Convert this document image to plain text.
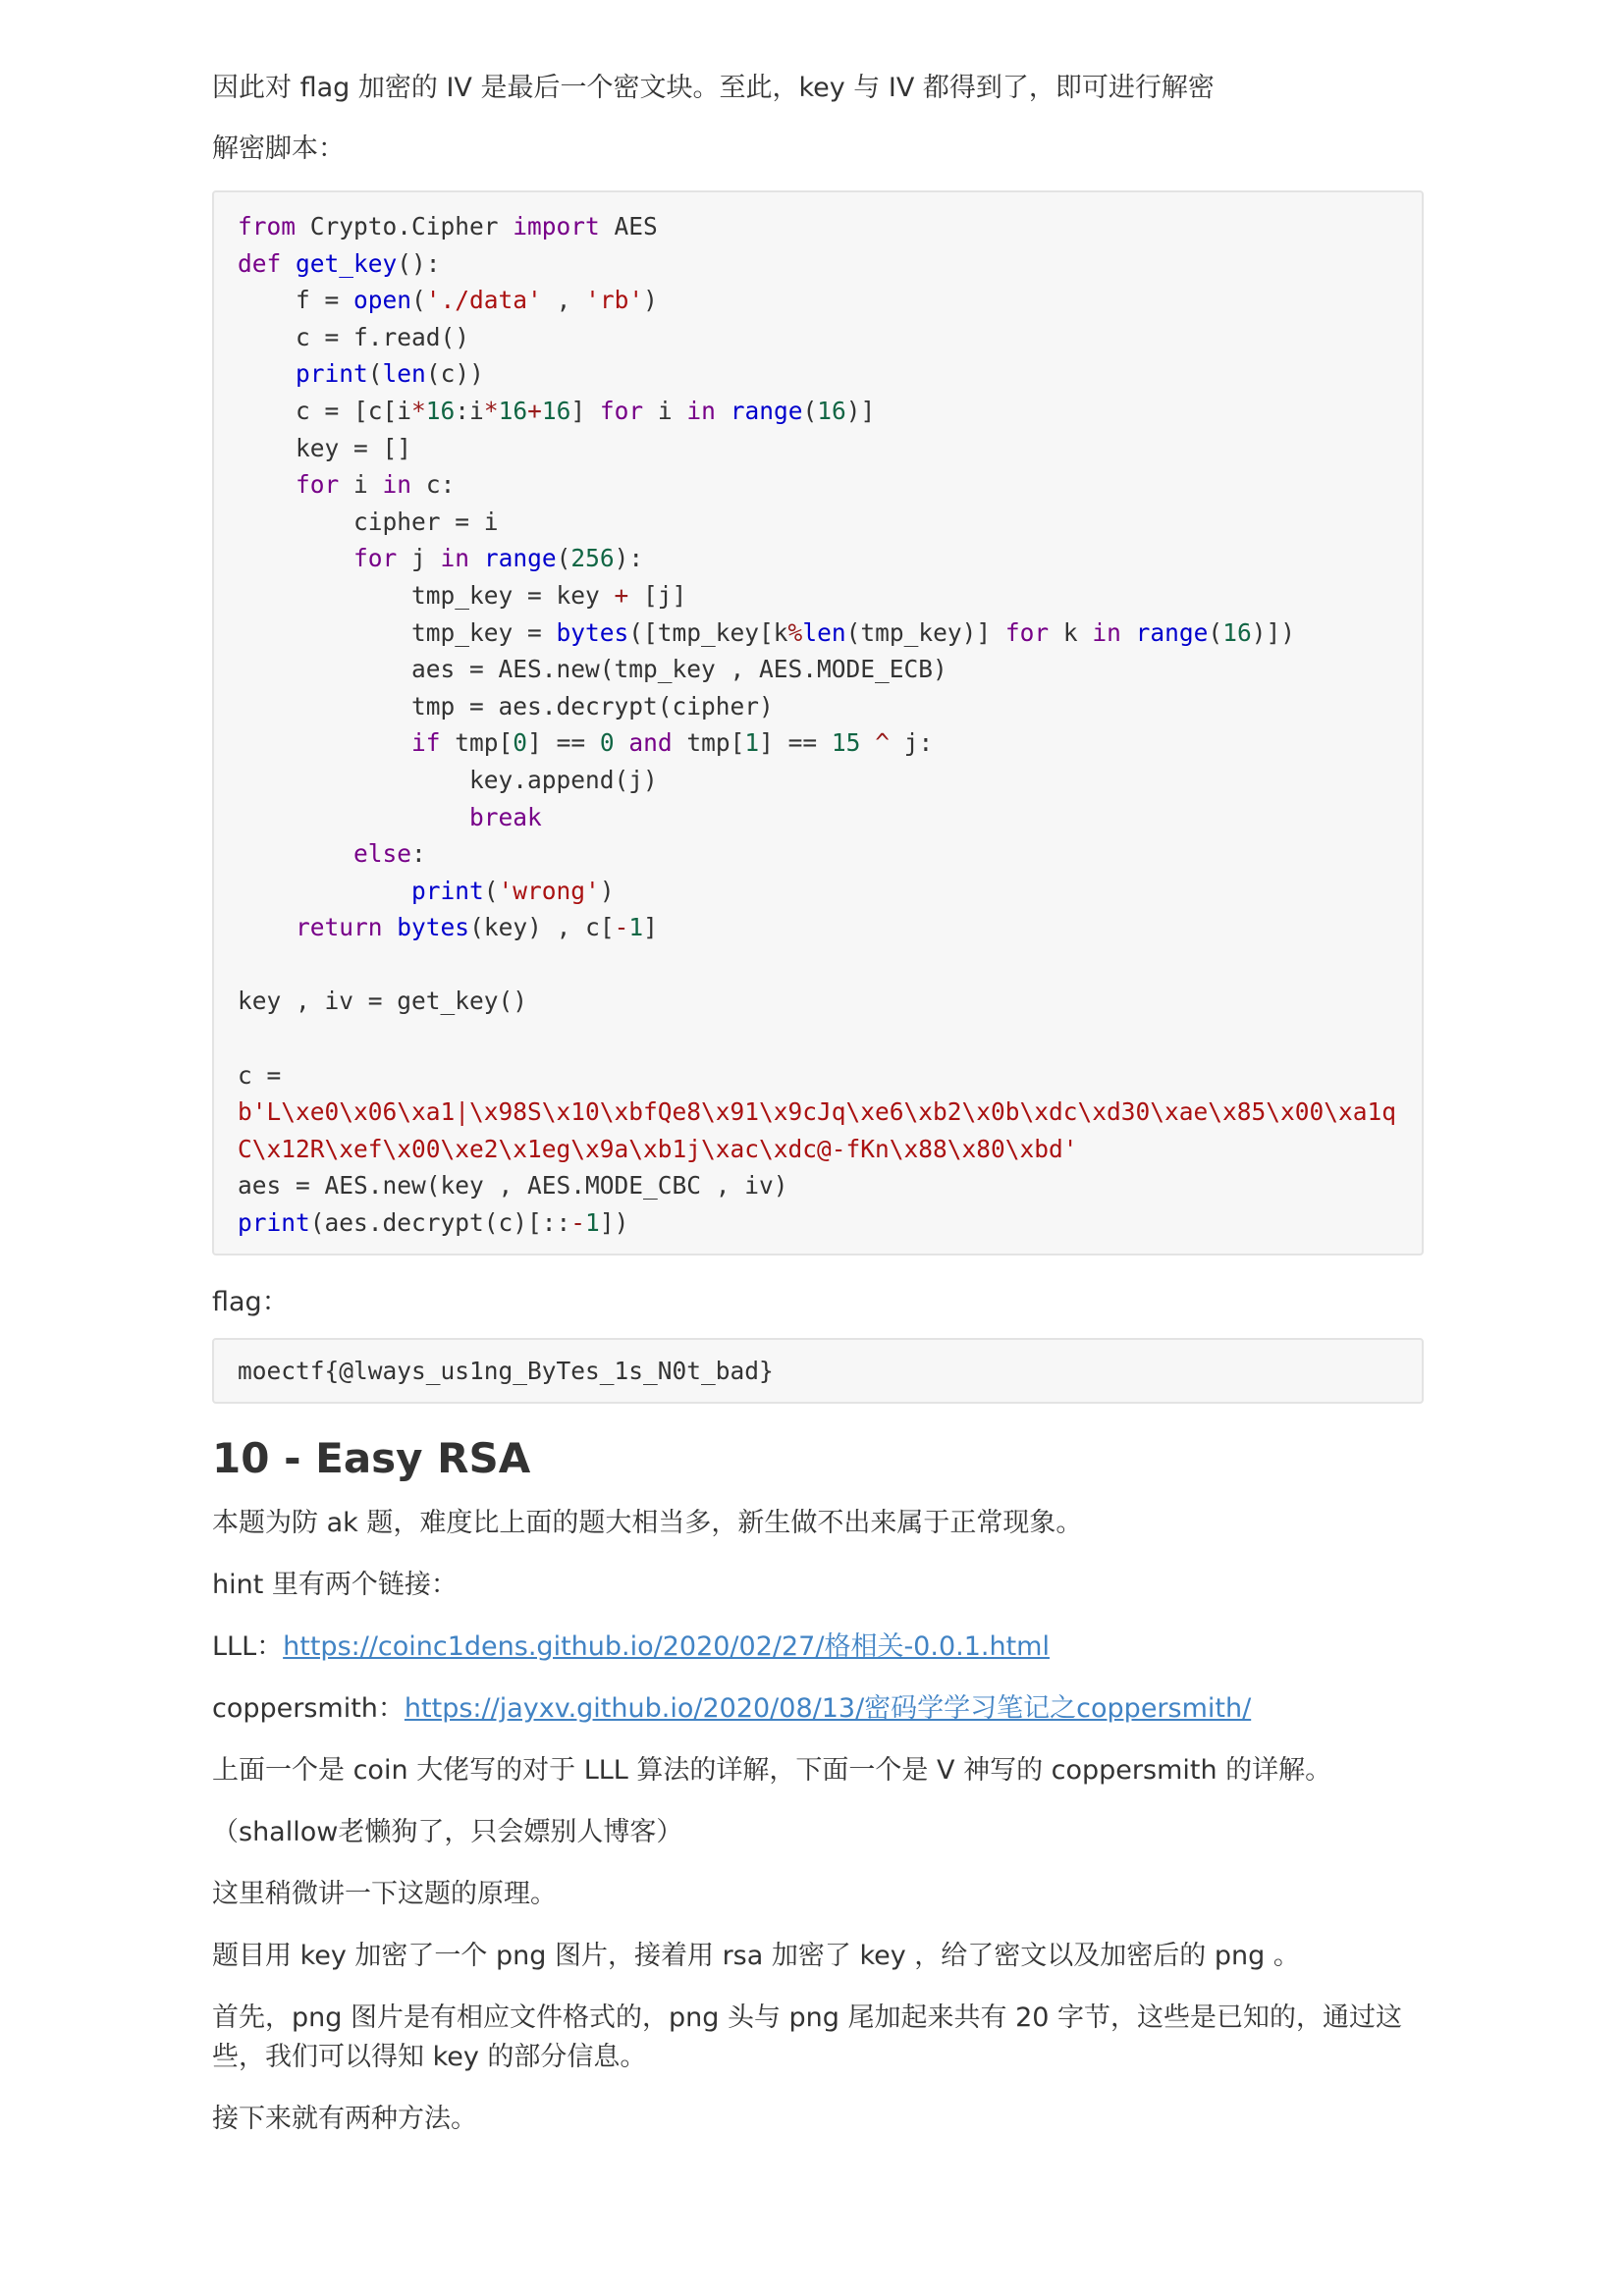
因此对 flag 加密的 IV 是最后一个密文块。至此，key 与 IV 都得到了，即可进行解密

解密脚本：

from Crypto.Cipher import AES
def get_key():
f = open('./data' , 'rb')
c = f.read()
print(len(c))
c = [c[i*16:i*16+16] for i in range(16)]
key = []
for i in c:
cipher = i
for j in range(256):
tmp_key = key + [j]
tmp_key = bytes([tmp_key[k%len(tmp_key)] for k in range(16)])
aes = AES.new(tmp_key , AES.MODE_ECB)
tmp = aes.decrypt(cipher)
if tmp[0] == 0 and tmp[1] == 15 ^ j:
key.append(j)
break
else:
print('wrong')
return bytes(key) , c[-1]

key , iv = get_key()

c =
b'L\xe0\x06\xa1|\x98S\x10\xbfQe8\x91\x9cJq\xe6\xb2\x0b\xdc\xd30\xae\x85\x00\xa1q
C\x12R\xef\x00\xe2\x1eg\x9a\xb1j\xac\xdc@-fKn\x88\x80\xbd'
aes = AES.new(key , AES.MODE_CBC , iv)
print(aes.decrypt(c)[::-1])

flag：

moectf{@lways_us1ng_ByTes_1s_N0t_bad}
10 - Easy RSA

本题为防 ak 题，难度比上面的题大相当多，新生做不出来属于正常现象。

hint 里有两个链接：

LLL：https://coinc1dens.github.io/2020/02/27/格相关-0.0.1.html

coppersmith：https://jayxv.github.io/2020/08/13/密码学学习笔记之coppersmith/

上面一个是 coin 大佬写的对于 LLL 算法的详解，下面一个是 V 神写的 coppersmith 的详解。

（shallow老懒狗了，只会嫖别人博客）

这里稍微讲一下这题的原理。

题目用 key 加密了一个 png 图片，接着用 rsa 加密了 key ，给了密文以及加密后的 png 。

首先，png 图片是有相应文件格式的，png 头与 png 尾加起来共有 20 字节，这些是已知的，通过这
些，我们可以得知 key 的部分信息。

接下来就有两种方法。
